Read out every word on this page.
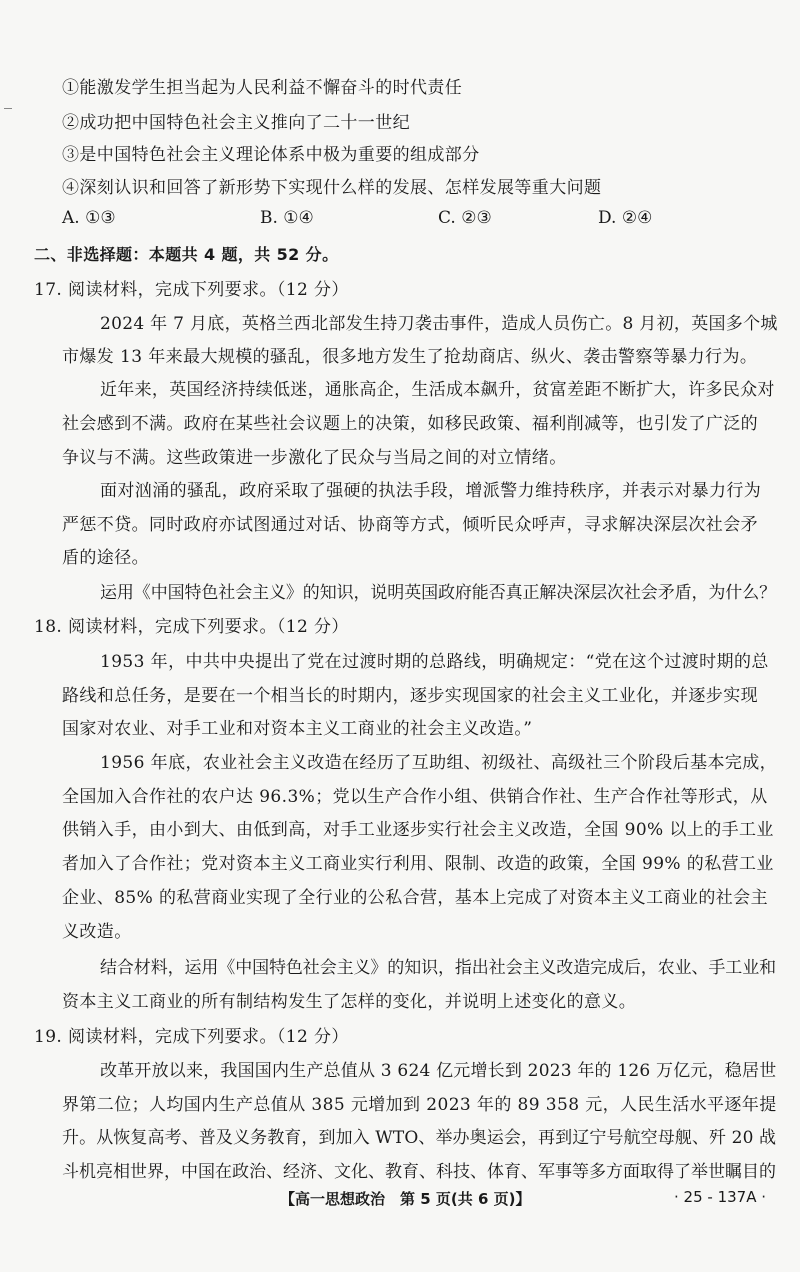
①能激发学生担当起为人民利益不懈奋斗的时代责任
②成功把中国特色社会主义推向了二十一世纪
③是中国特色社会主义理论体系中极为重要的组成部分
④深刻认识和回答了新形势下实现什么样的发展、怎样发展等重大问题
A. ①③	B. ①④	C. ②③	D. ②④
二、非选择题：本题共 4 题，共 52 分。
17. 阅读材料，完成下列要求。（12 分）
2024 年 7 月底，英格兰西北部发生持刀袭击事件，造成人员伤亡。8 月初，英国多个城
市爆发 13 年来最大规模的骚乱，很多地方发生了抢劫商店、纵火、袭击警察等暴力行为。
近年来，英国经济持续低迷，通胀高企，生活成本飙升，贫富差距不断扩大，许多民众对
社会感到不满。政府在某些社会议题上的决策，如移民政策、福利削减等，也引发了广泛的
争议与不满。这些政策进一步激化了民众与当局之间的对立情绪。
面对汹涌的骚乱，政府采取了强硬的执法手段，增派警力维持秩序，并表示对暴力行为
严惩不贷。同时政府亦试图通过对话、协商等方式，倾听民众呼声，寻求解决深层次社会矛
盾的途径。
运用《中国特色社会主义》的知识，说明英国政府能否真正解决深层次社会矛盾，为什么？
18. 阅读材料，完成下列要求。（12 分）
1953 年，中共中央提出了党在过渡时期的总路线，明确规定：“党在这个过渡时期的总
路线和总任务，是要在一个相当长的时期内，逐步实现国家的社会主义工业化，并逐步实现
国家对农业、对手工业和对资本主义工商业的社会主义改造。”
1956 年底，农业社会主义改造在经历了互助组、初级社、高级社三个阶段后基本完成，
全国加入合作社的农户达 96.3%；党以生产合作小组、供销合作社、生产合作社等形式，从
供销入手，由小到大、由低到高，对手工业逐步实行社会主义改造，全国 90% 以上的手工业
者加入了合作社；党对资本主义工商业实行利用、限制、改造的政策，全国 99% 的私营工业
企业、85% 的私营商业实现了全行业的公私合营，基本上完成了对资本主义工商业的社会主
义改造。
结合材料，运用《中国特色社会主义》的知识，指出社会主义改造完成后，农业、手工业和
资本主义工商业的所有制结构发生了怎样的变化，并说明上述变化的意义。
19. 阅读材料，完成下列要求。（12 分）
改革开放以来，我国国内生产总值从 3 624 亿元增长到 2023 年的 126 万亿元，稳居世
界第二位；人均国内生产总值从 385 元增加到 2023 年的 89 358 元，人民生活水平逐年提
升。从恢复高考、普及义务教育，到加入 WTO、举办奥运会，再到辽宁号航空母舰、歼 20 战
斗机亮相世界，中国在政治、经济、文化、教育、科技、体育、军事等多方面取得了举世瞩目的
【高一思想政治　第 5 页(共 6 页)】	· 25 - 137A ·
